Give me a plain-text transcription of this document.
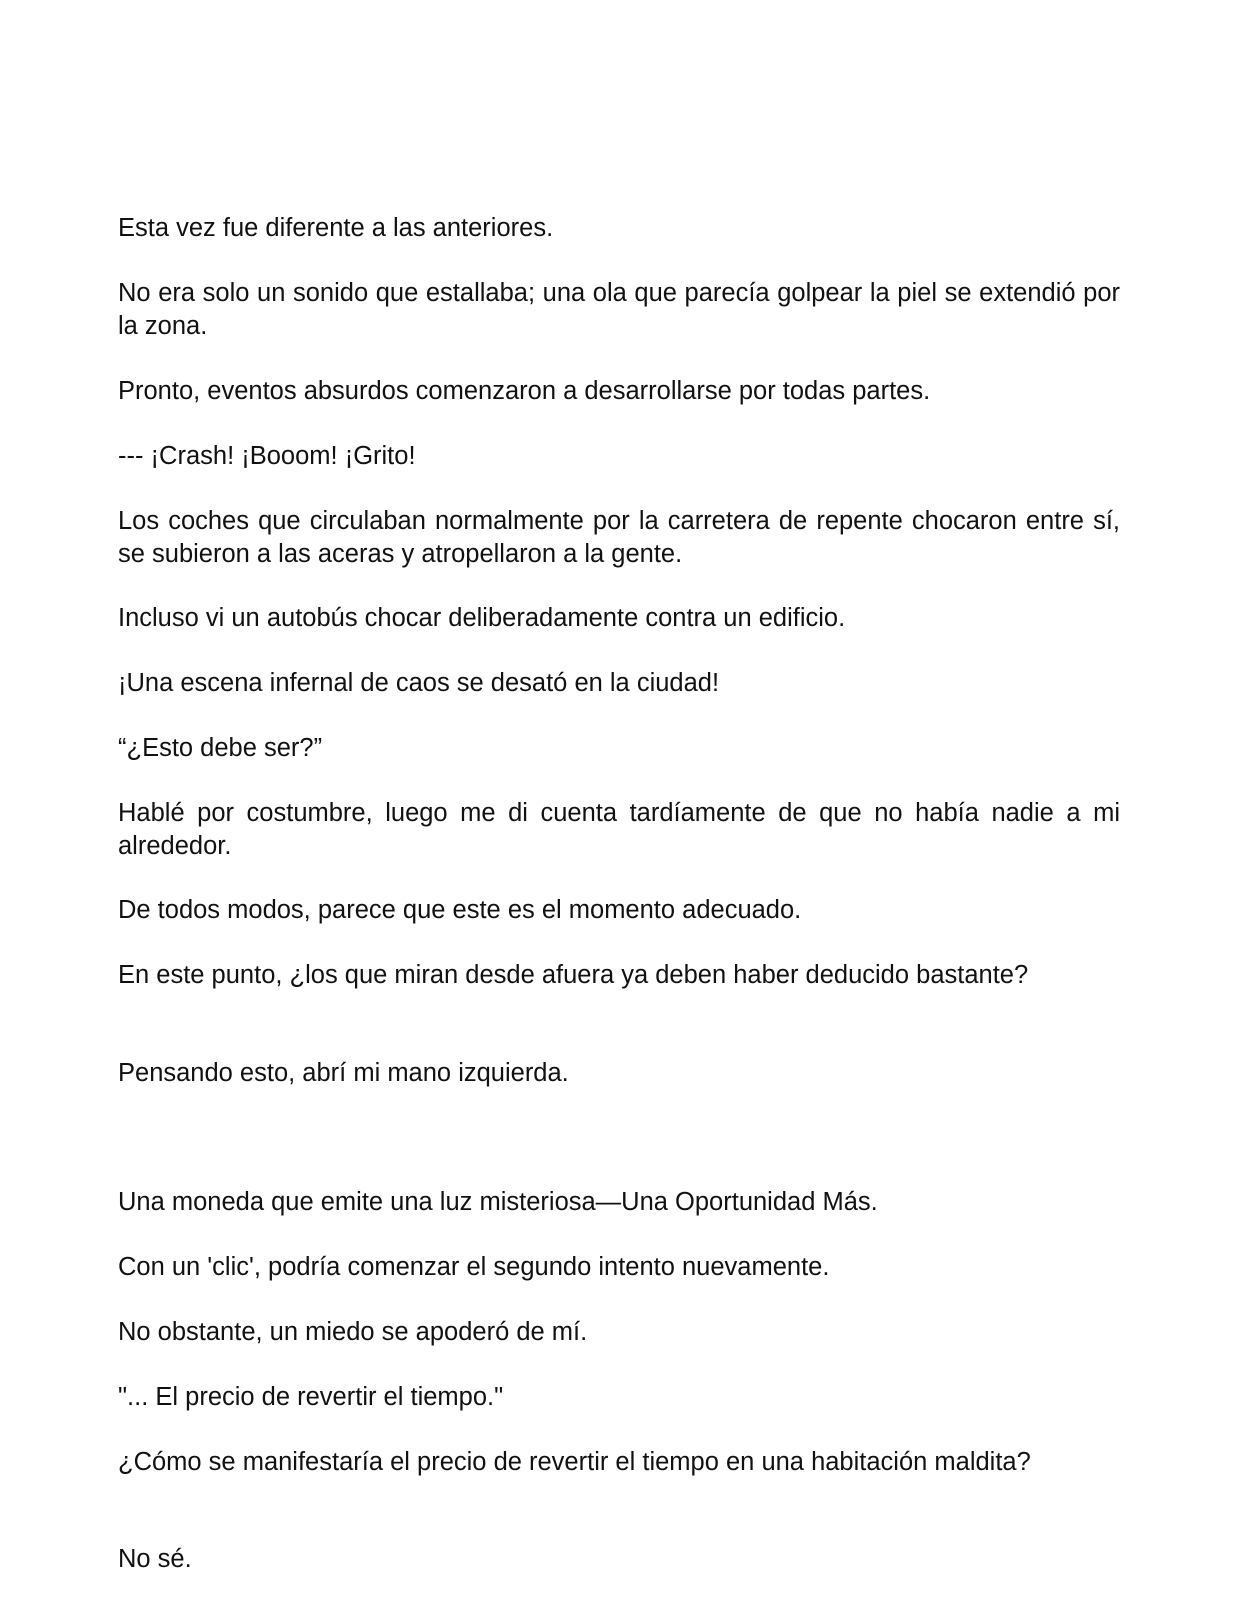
Esta vez fue diferente a las anteriores.

No era solo un sonido que estallaba; una ola que parecía golpear la piel se extendió por la zona.

Pronto, eventos absurdos comenzaron a desarrollarse por todas partes.

--- ¡Crash! ¡Booom! ¡Grito!

Los coches que circulaban normalmente por la carretera de repente chocaron entre sí, se subieron a las aceras y atropellaron a la gente.

Incluso vi un autobús chocar deliberadamente contra un edificio.

¡Una escena infernal de caos se desató en la ciudad!

“¿Esto debe ser?”

Hablé por costumbre, luego me di cuenta tardíamente de que no había nadie a mi alrededor.

De todos modos, parece que este es el momento adecuado.

En este punto, ¿los que miran desde afuera ya deben haber deducido bastante?

Pensando esto, abrí mi mano izquierda.

Una moneda que emite una luz misteriosa—Una Oportunidad Más.

Con un 'clic', podría comenzar el segundo intento nuevamente.

No obstante, un miedo se apoderó de mí.

"... El precio de revertir el tiempo."

¿Cómo se manifestaría el precio de revertir el tiempo en una habitación maldita?

No sé.
